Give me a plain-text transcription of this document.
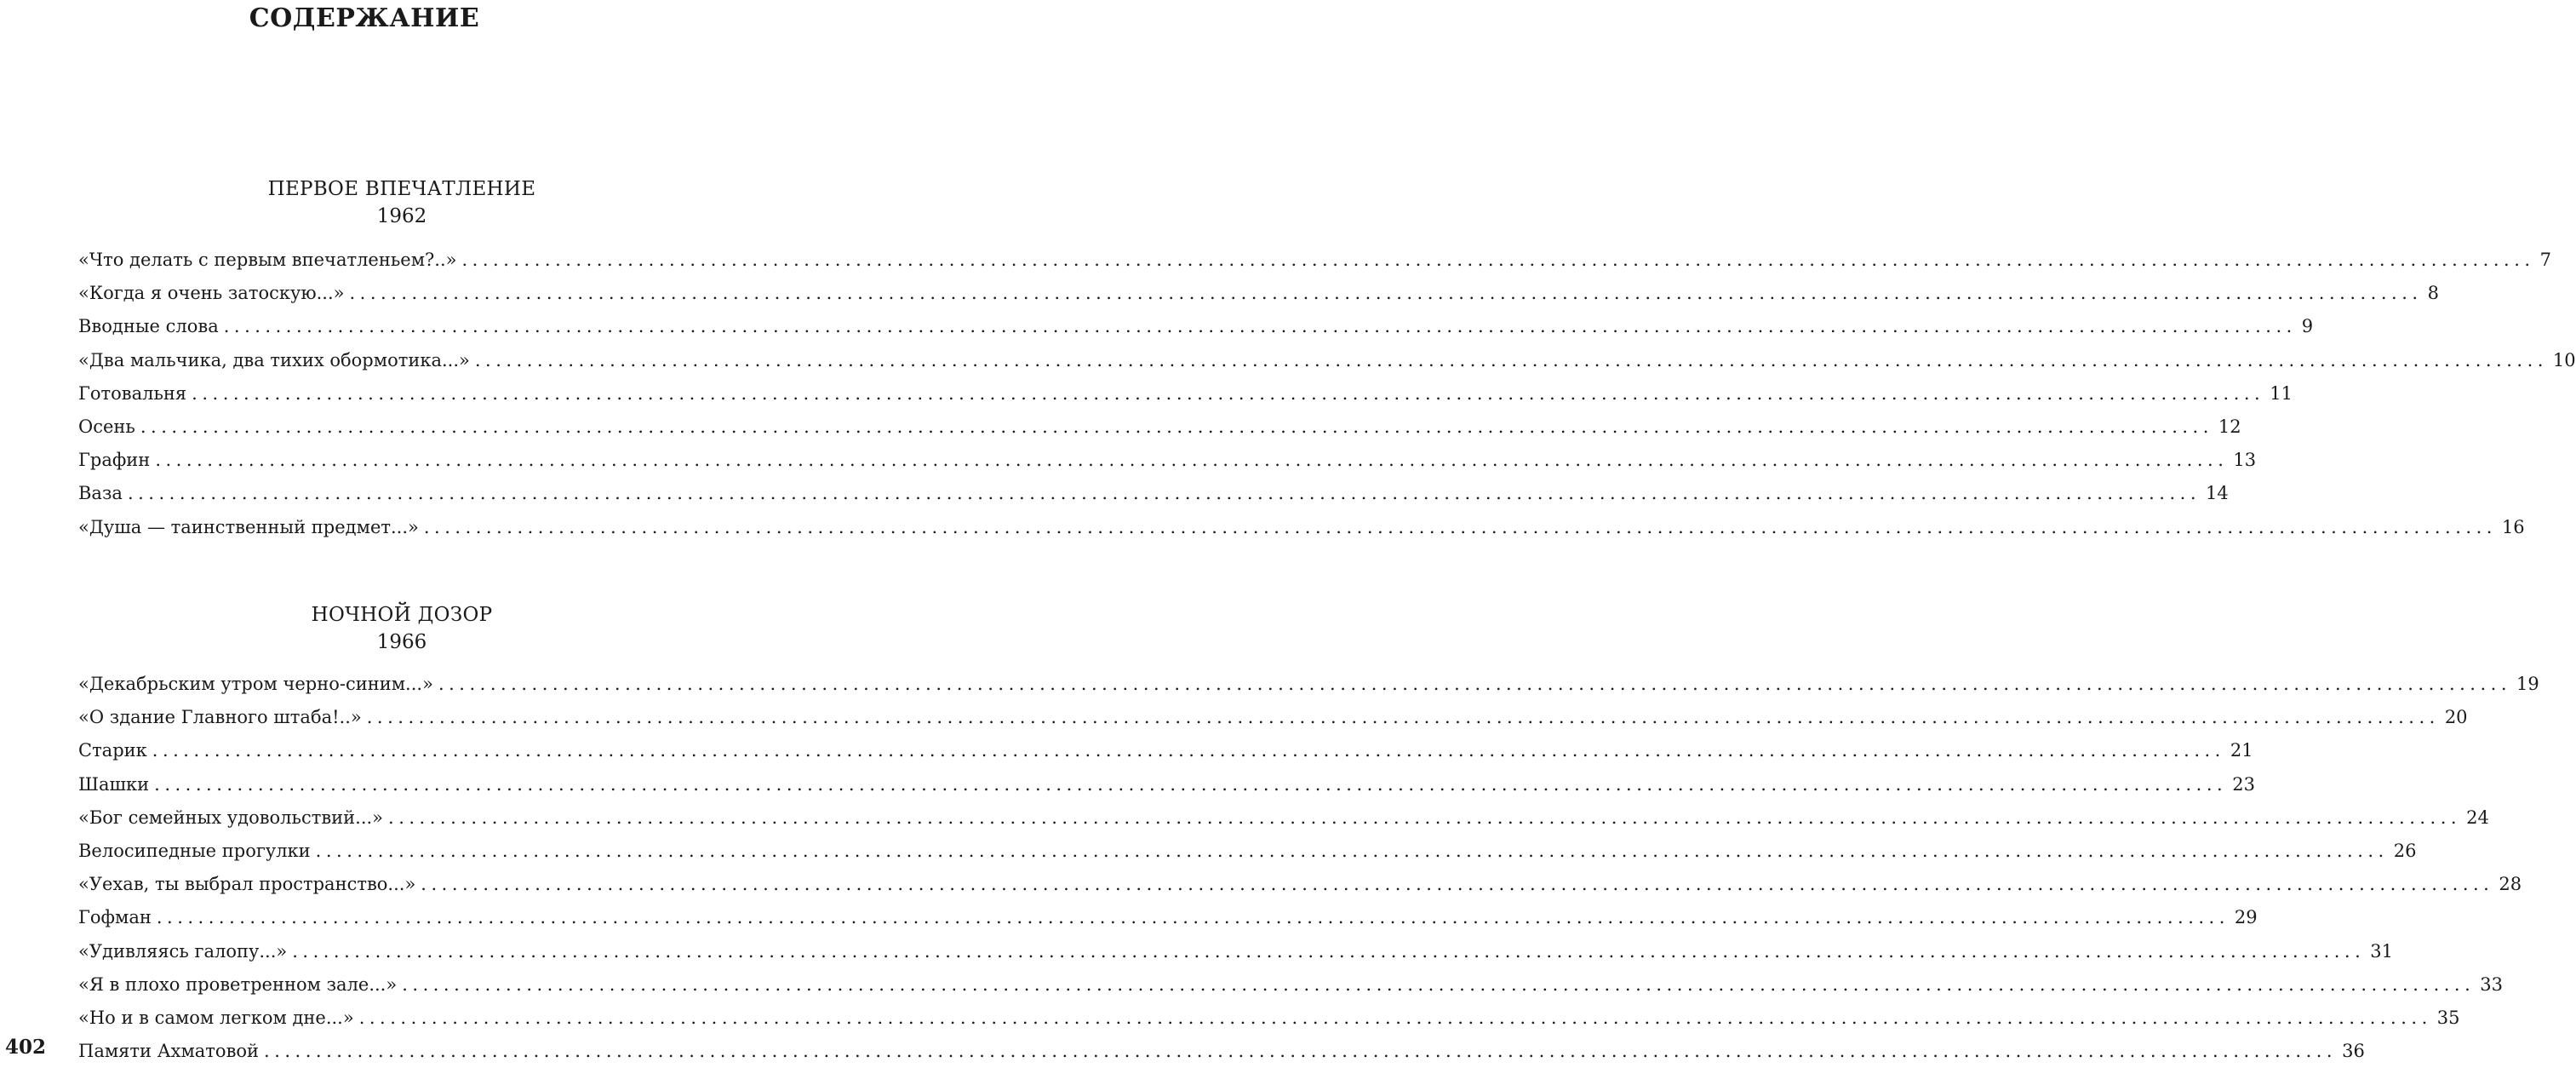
СОДЕРЖАНИЕ
ПЕРВОЕ ВПЕЧАТЛЕНИЕ
1962
«Что делать с первым впечатленьем?..» ........................................................................................................................................................................................................ 7
«Когда я очень затоскую...» ........................................................................................................................................................................................................ 8
Вводные слова ........................................................................................................................................................................................................ 9
«Два мальчика, два тихих обормотика...» ........................................................................................................................................................................................................ 10
Готовальня ........................................................................................................................................................................................................ 11
Осень ........................................................................................................................................................................................................ 12
Графин ........................................................................................................................................................................................................ 13
Ваза ........................................................................................................................................................................................................ 14
«Душа — таинственный предмет...» ........................................................................................................................................................................................................ 16
НОЧНОЙ ДОЗОР
1966
«Декабрьским утром черно-синим...» ........................................................................................................................................................................................................ 19
«О здание Главного штаба!..» ........................................................................................................................................................................................................ 20
Старик ........................................................................................................................................................................................................ 21
Шашки ........................................................................................................................................................................................................ 23
«Бог семейных удовольствий...» ........................................................................................................................................................................................................ 24
Велосипедные прогулки ........................................................................................................................................................................................................ 26
«Уехав, ты выбрал пространство...» ........................................................................................................................................................................................................ 28
Гофман ........................................................................................................................................................................................................ 29
«Удивляясь галопу...» ........................................................................................................................................................................................................ 31
«Я в плохо проветренном зале...» ........................................................................................................................................................................................................ 33
«Но и в самом легком дне...» ........................................................................................................................................................................................................ 35
Памяти Ахматовой ........................................................................................................................................................................................................ 36
402
